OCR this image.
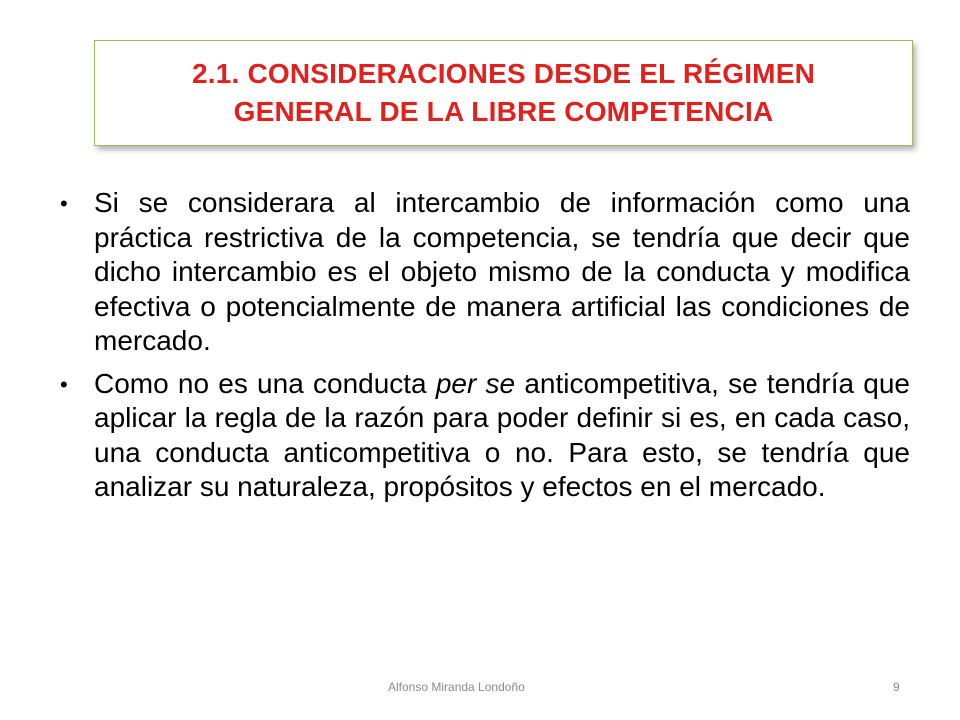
2.1. CONSIDERACIONES DESDE EL RÉGIMEN
GENERAL DE LA LIBRE COMPETENCIA
• Si se considerara al intercambio de información como una práctica restrictiva de la competencia, se tendría que decir que dicho intercambio es el objeto mismo de la conducta y modifica efectiva o potencialmente de manera artificial las condiciones de mercado.

• Como no es una conducta per se anticompetitiva, se tendría que aplicar la regla de la razón para poder definir si es, en cada caso, una conducta anticompetitiva o no. Para esto, se tendría que analizar su naturaleza, propósitos y efectos en el mercado.

Alfonso Miranda Londoño	9
